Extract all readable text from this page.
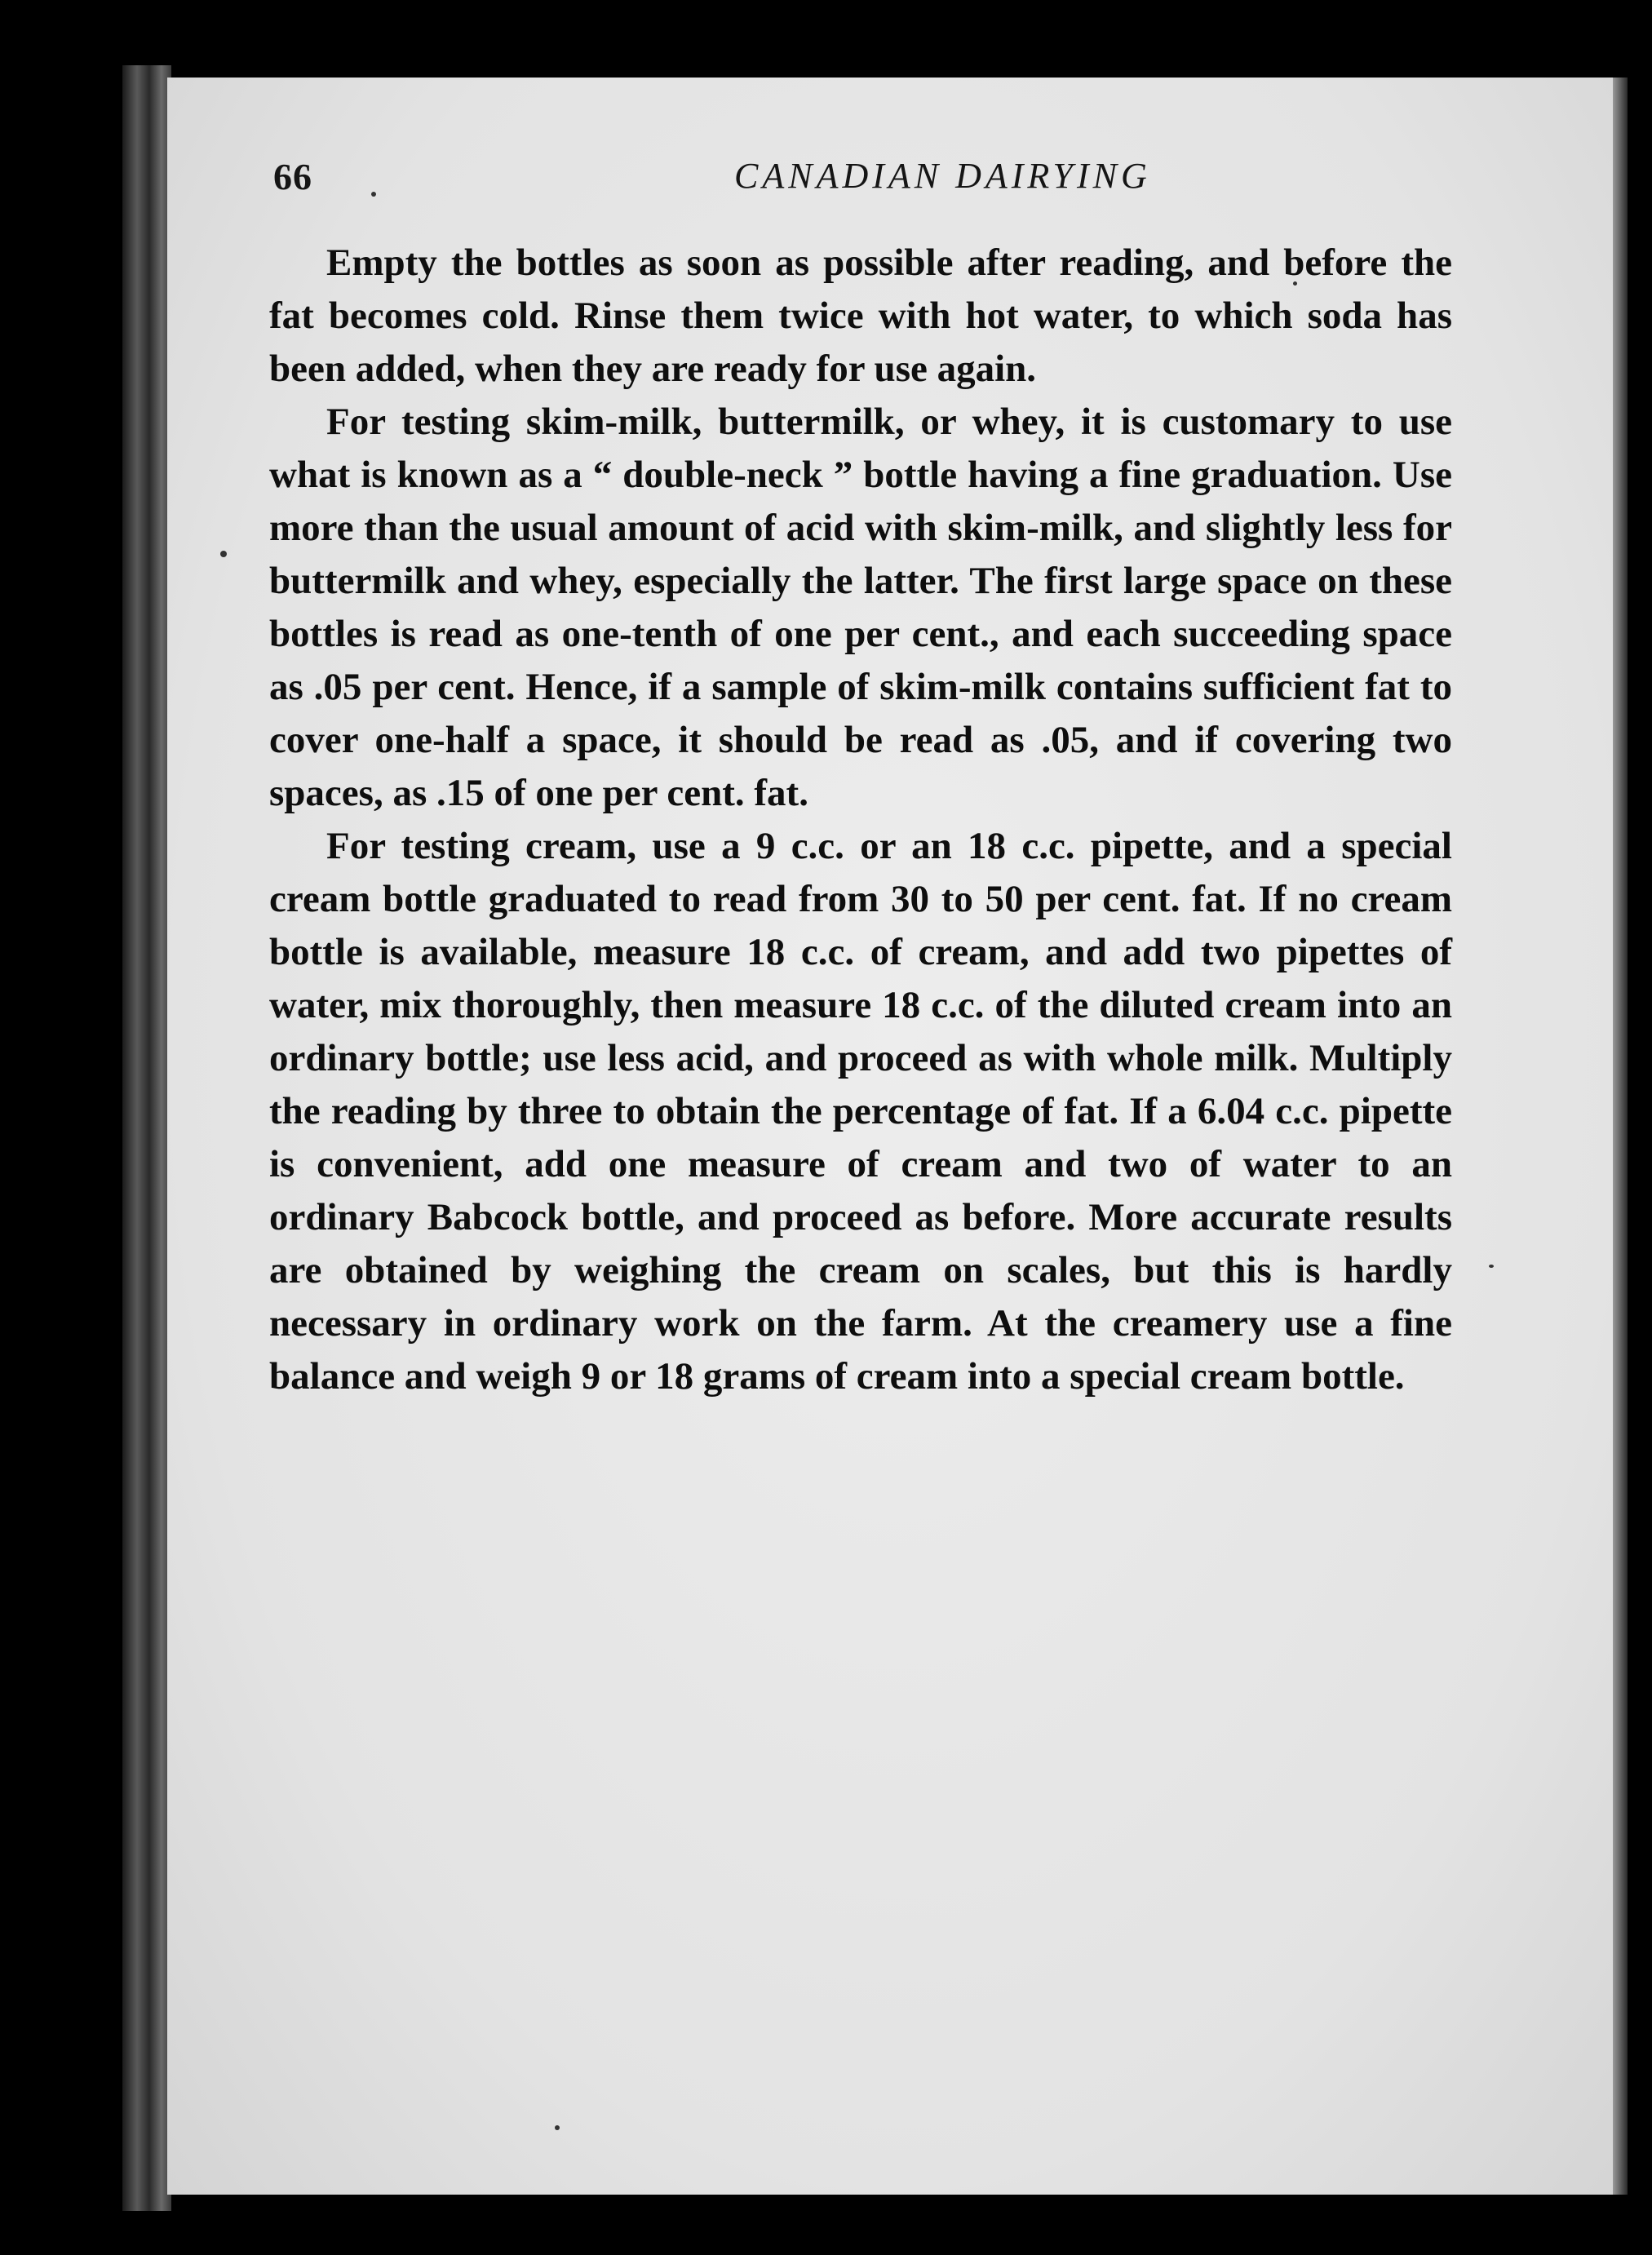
66	CANADIAN DAIRYING

Empty the bottles as soon as possible after reading, and before the fat becomes cold. Rinse them twice with hot water, to which soda has been added, when they are ready for use again.

For testing skim-milk, buttermilk, or whey, it is customary to use what is known as a “ double-neck ” bottle having a fine graduation. Use more than the usual amount of acid with skim-milk, and slightly less for buttermilk and whey, especially the latter. The first large space on these bottles is read as one-tenth of one per cent., and each succeeding space as .05 per cent. Hence, if a sample of skim-milk contains sufficient fat to cover one-half a space, it should be read as .05, and if covering two spaces, as .15 of one per cent. fat.

For testing cream, use a 9 c.c. or an 18 c.c. pipette, and a special cream bottle graduated to read from 30 to 50 per cent. fat. If no cream bottle is available, measure 18 c.c. of cream, and add two pipettes of water, mix thoroughly, then measure 18 c.c. of the diluted cream into an ordinary bottle; use less acid, and proceed as with whole milk. Multiply the reading by three to obtain the percentage of fat. If a 6.04 c.c. pipette is convenient, add one measure of cream and two of water to an ordinary Babcock bottle, and proceed as before. More accurate results are obtained by weighing the cream on scales, but this is hardly necessary in ordinary work on the farm. At the creamery use a fine balance and weigh 9 or 18 grams of cream into a special cream bottle.
